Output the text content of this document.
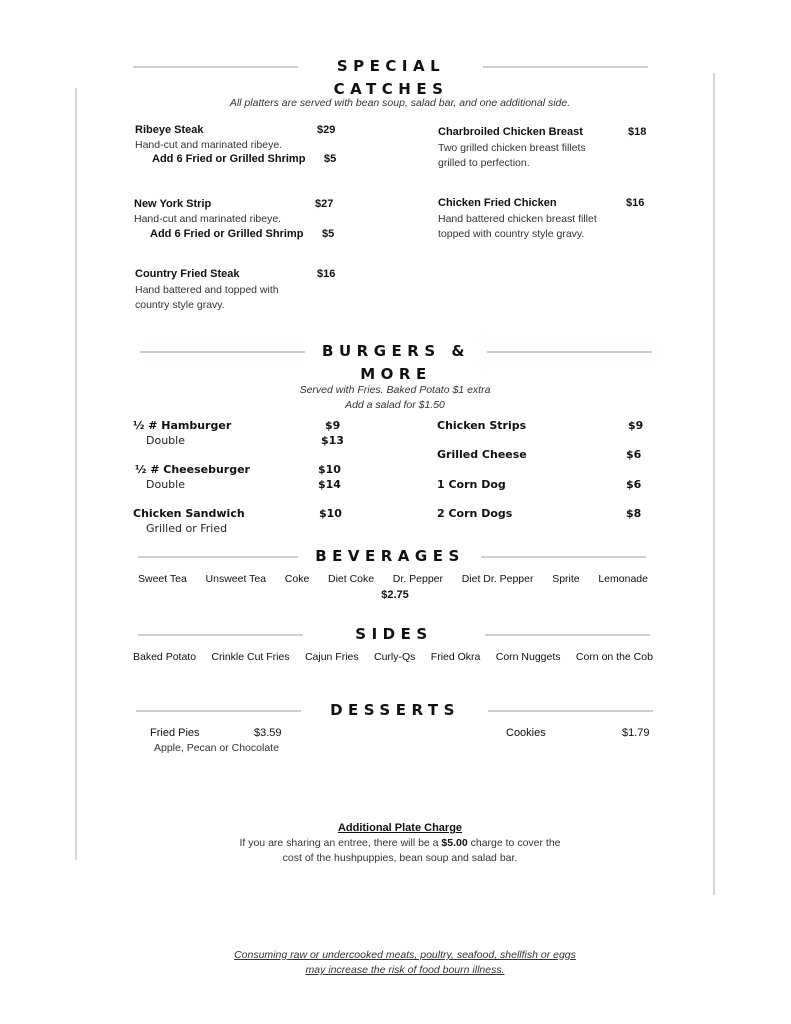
SPECIAL
CATCHES
All platters are served with bean soup, salad bar, and one additional side.
Ribeye Steak	$29
Hand-cut and marinated ribeye.
Add 6 Fried or Grilled Shrimp $5
New York Strip	$27
Hand-cut and marinated ribeye.
Add 6 Fried or Grilled Shrimp $5
Country Fried Steak	$16
Hand battered and topped with
country style gravy.
Charbroiled Chicken Breast	$18
Two grilled chicken breast fillets
grilled to perfection.
Chicken Fried Chicken	$16
Hand battered chicken breast fillet
topped with country style gravy.
BURGERS &
MORE
Served with Fries. Baked Potato $1 extra
Add a salad for $1.50
½ # Hamburger	$9
Double	$13
½ # Cheeseburger	$10
Double	$14
Chicken Sandwich	$10
Grilled or Fried
Chicken Strips	$9
Grilled Cheese	$6
1 Corn Dog	$6
2 Corn Dogs	$8
BEVERAGES
Sweet Tea Unsweet Tea Coke Diet Coke Dr. Pepper Diet Dr. Pepper Sprite Lemonade
$2.75
SIDES
Baked Potato Crinkle Cut Fries Cajun Fries Curly-Qs Fried Okra Corn Nuggets Corn on the Cob
DESSERTS
Fried Pies	$3.59
Apple, Pecan or Chocolate
Cookies	$1.79
Additional Plate Charge
If you are sharing an entree, there will be a $5.00 charge to cover the
cost of the hushpuppies, bean soup and salad bar.
Consuming raw or undercooked meats, poultry, seafood, shellfish or eggs
may increase the risk of food bourn illness.
